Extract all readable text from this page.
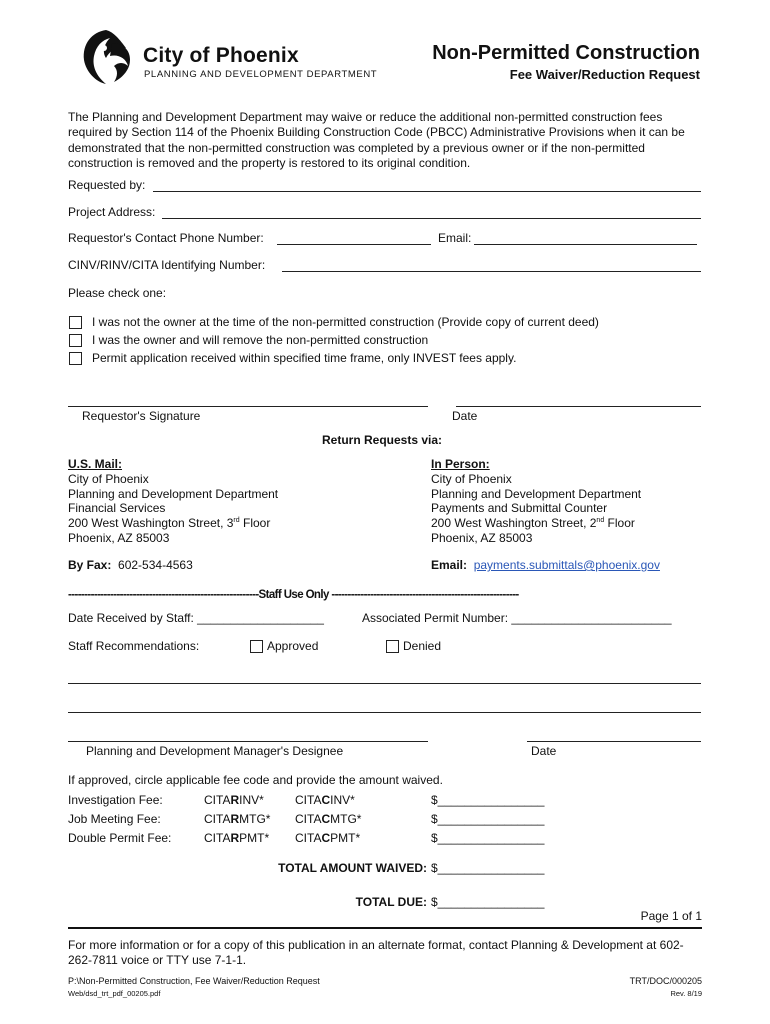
City of Phoenix
PLANNING AND DEVELOPMENT DEPARTMENT
Non-Permitted Construction
Fee Waiver/Reduction Request
The Planning and Development Department may waive or reduce the additional non-permitted construction fees required by Section 114 of the Phoenix Building Construction Code (PBCC) Administrative Provisions when it can be demonstrated that the non-permitted construction was completed by a previous owner or if the non-permitted construction is removed and the property is restored to its original condition.
Requested by:
Project Address:
Requestor's Contact Phone Number:	Email:
CINV/RINV/CITA Identifying Number:
Please check one:
I was not the owner at the time of the non-permitted construction (Provide copy of current deed)
I was the owner and will remove the non-permitted construction
Permit application received within specified time frame, only INVEST fees apply.
Requestor's Signature	Date
Return Requests via:
U.S. Mail:
City of Phoenix
Planning and Development Department
Financial Services
200 West Washington Street, 3rd Floor
Phoenix, AZ 85003
In Person:
City of Phoenix
Planning and Development Department
Payments and Submittal Counter
200 West Washington Street, 2nd Floor
Phoenix, AZ 85003
By Fax: 602-534-4563	Email: payments.submittals@phoenix.gov
-----------------------------------------------------------Staff Use Only ----------------------------------------------------------
Date Received by Staff: ___________________	Associated Permit Number: ________________________
Staff Recommendations:	Approved	Denied
Planning and Development Manager's Designee	Date
If approved, circle applicable fee code and provide the amount waived.
Investigation Fee:	CITARINV*	CITACINV*	$________________
Job Meeting Fee:	CITARMTG* CITACMTG*	$________________
Double Permit Fee:	CITARPMT* CITACPMT*	$________________
TOTAL AMOUNT WAIVED: $________________
TOTAL DUE: $________________
Page 1 of 1
For more information or for a copy of this publication in an alternate format, contact Planning & Development at 602-262-7811 voice or TTY use 7-1-1.
P:\Non-Permitted Construction, Fee Waiver/Reduction Request
Web/dsd_trt_pdf_00205.pdf
TRT/DOC/000205
Rev. 8/19
